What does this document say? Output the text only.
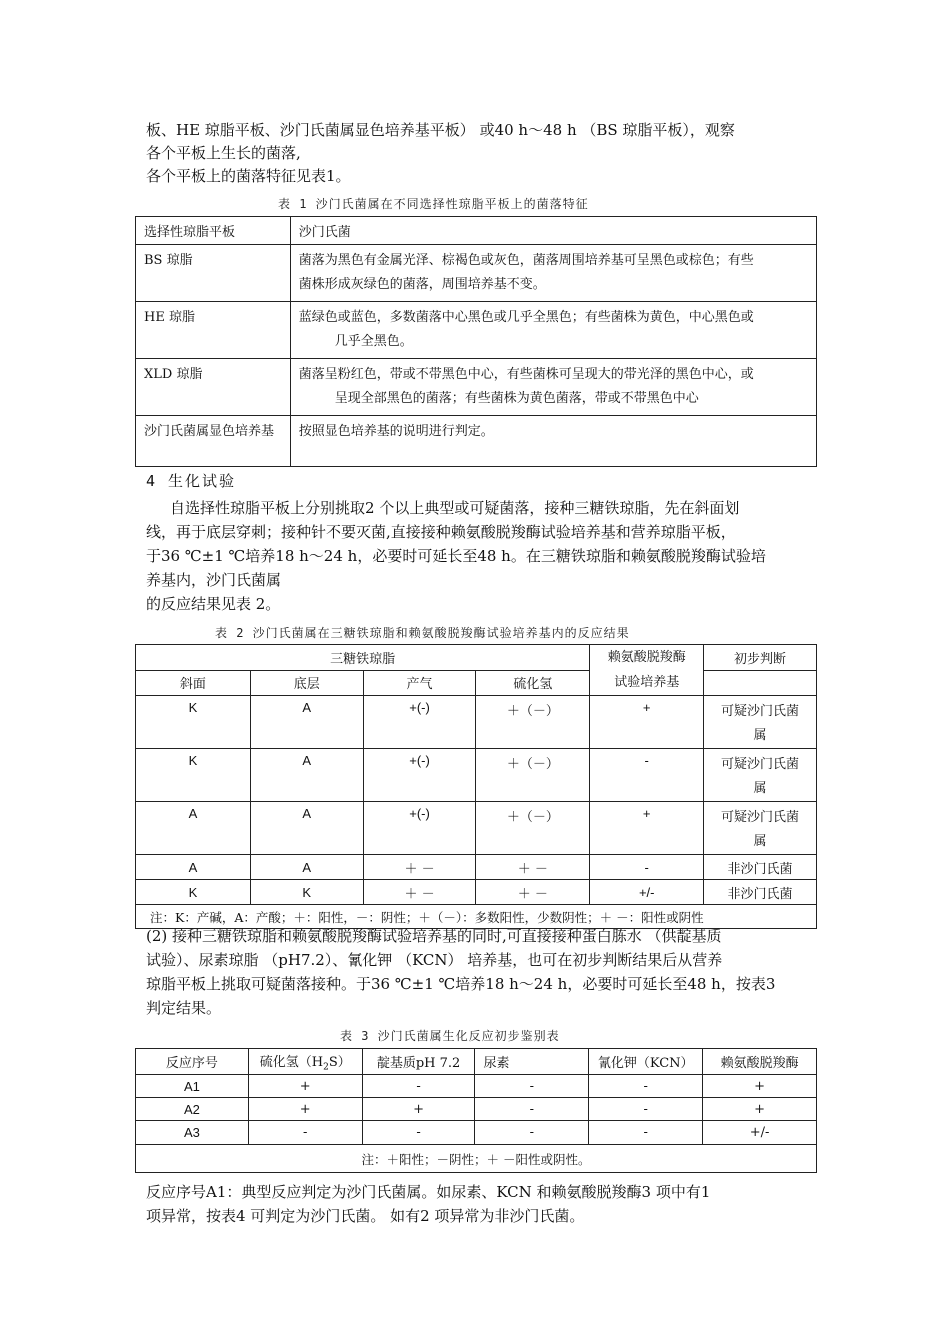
板、HE 琼脂平板、沙门氏菌属显色培养基平板） 或40 h～48 h （BS 琼脂平板），观察
各个平板上生长的菌落,
各个平板上的菌落特征见表1。
表 1 沙门氏菌属在不同选择性琼脂平板上的菌落特征
选择性琼脂平板	沙门氏菌
BS 琼脂	菌落为黑色有金属光泽、棕褐色或灰色，菌落周围培养基可呈黑色或棕色；有些
菌株形成灰绿色的菌落，周围培养基不变。
HE 琼脂	蓝绿色或蓝色，多数菌落中心黑色或几乎全黑色；有些菌株为黄色，中心黑色或
几乎全黑色。

XLD 琼脂	菌落呈粉红色，带或不带黑色中心，有些菌株可呈现大的带光泽的黑色中心，或
呈现全部黑色的菌落；有些菌株为黄色菌落，带或不带黑色中心

沙门氏菌属显色培养基	按照显色培养基的说明进行判定。
4 生化试验
自选择性琼脂平板上分别挑取2 个以上典型或可疑菌落，接种三糖铁琼脂，先在斜面划
线，再于底层穿刺；接种针不要灭菌,直接接种赖氨酸脱羧酶试验培养基和营养琼脂平板，
于36 ℃±1 ℃培养18 h～24 h，必要时可延长至48 h。在三糖铁琼脂和赖氨酸脱羧酶试验培
养基内，沙门氏菌属
的反应结果见表 2。
表 2 沙门氏菌属在三糖铁琼脂和赖氨酸脱羧酶试验培养基内的反应结果
三糖铁琼脂				赖氨酸脱羧酶
试验培养基	初步判断
斜面	底层	产气	硫化氢		
K	A	+(-)	＋（－）	+	可疑沙门氏菌
属

K	A	+(-)	＋（－）	-	可疑沙门氏菌
属

A	A	+(-)	＋（－）	+	可疑沙门氏菌
属

A	A	＋ －	＋ －	-	非沙门氏菌
K	K	＋ －	＋ －	+/-	非沙门氏菌
注：K：产碱，A：产酸；＋：阳性，－：阴性；＋（－）：多数阳性，少数阴性；＋ －：阳性或阴性					
(2) 接种三糖铁琼脂和赖氨酸脱羧酶试验培养基的同时,可直接接种蛋白胨水 （供靛基质
试验）、尿素琼脂 （pH7.2）、氰化钾 （KCN） 培养基，也可在初步判断结果后从营养
琼脂平板上挑取可疑菌落接种。于36 ℃±1 ℃培养18 h～24 h，必要时可延长至48 h，按表3
判定结果。
表 3 沙门氏菌属生化反应初步鉴别表
反应序号	硫化氢$(H_2S)$	靛基质pH 7.2	尿素	氰化钾（KCN）	赖氨酸脱羧酶
A1	+	-	-	-	+
A2	+	+	-	-	+
A3	-	-	-	-	+/-
注：＋阳性；－阴性；＋ －阳性或阴性。					
反应序号A1：典型反应判定为沙门氏菌属。如尿素、KCN 和赖氨酸脱羧酶3 项中有1
项异常，按表4 可判定为沙门氏菌。 如有2 项异常为非沙门氏菌。
